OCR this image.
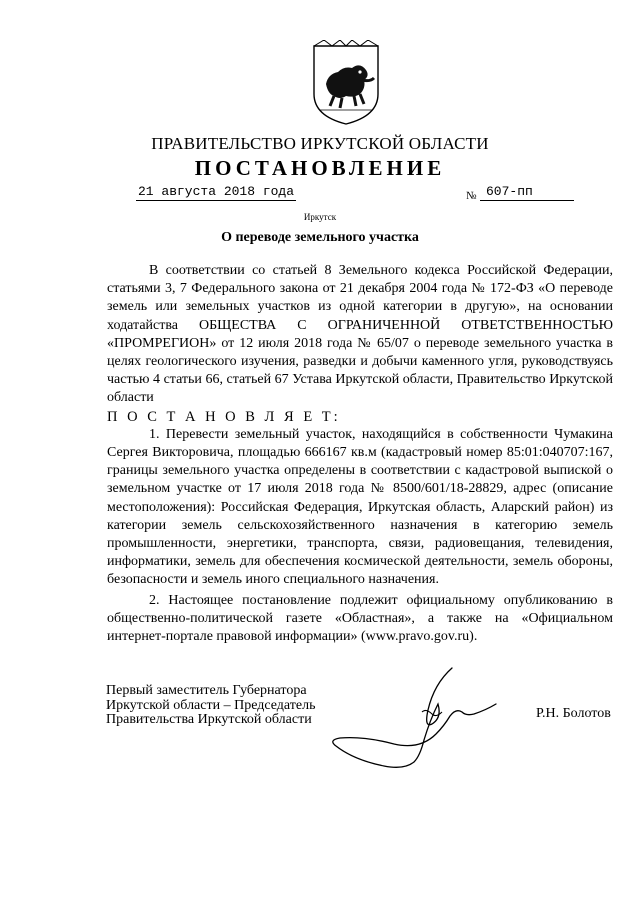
ПРАВИТЕЛЬСТВО ИРКУТСКОЙ ОБЛАСТИ
ПОСТАНОВЛЕНИЕ
21 августа 2018 года	№ 607-пп
Иркутск
О переводе земельного участка

В соответствии со статьей 8 Земельного кодекса Российской Федерации, статьями 3, 7 Федерального закона от 21 декабря 2004 года № 172-ФЗ «О переводе земель или земельных участков из одной категории в другую», на основании ходатайства ОБЩЕСТВА С ОГРАНИЧЕННОЙ ОТВЕТСТВЕННОСТЬЮ «ПРОМРЕГИОН» от 12 июля 2018 года № 65/07 о переводе земельного участка в целях геологического изучения, разведки и добычи каменного угля, руководствуясь частью 4 статьи 66, статьей 67 Устава Иркутской области, Правительство Иркутской области

П О С Т А Н О В Л Я Е Т:

1. Перевести земельный участок, находящийся в собственности Чумакина Сергея Викторовича, площадью 666167 кв.м (кадастровый номер 85:01:040707:167, границы земельного участка определены в соответствии с кадастровой выпиской о земельном участке от 17 июля 2018 года № 8500/601/18-28829, адрес (описание местоположения): Российская Федерация, Иркутская область, Аларский район) из категории земель сельскохозяйственного назначения в категорию земель промышленности, энергетики, транспорта, связи, радиовещания, телевидения, информатики, земель для обеспечения космической деятельности, земель обороны, безопасности и земель иного специального назначения.

2. Настоящее постановление подлежит официальному опубликованию в общественно-политической газете «Областная», а также на «Официальном интернет-портале правовой информации» (www.pravo.gov.ru).

Первый заместитель Губернатора
Иркутской области – Председатель
Правительства Иркутской области	Р.Н. Болотов
